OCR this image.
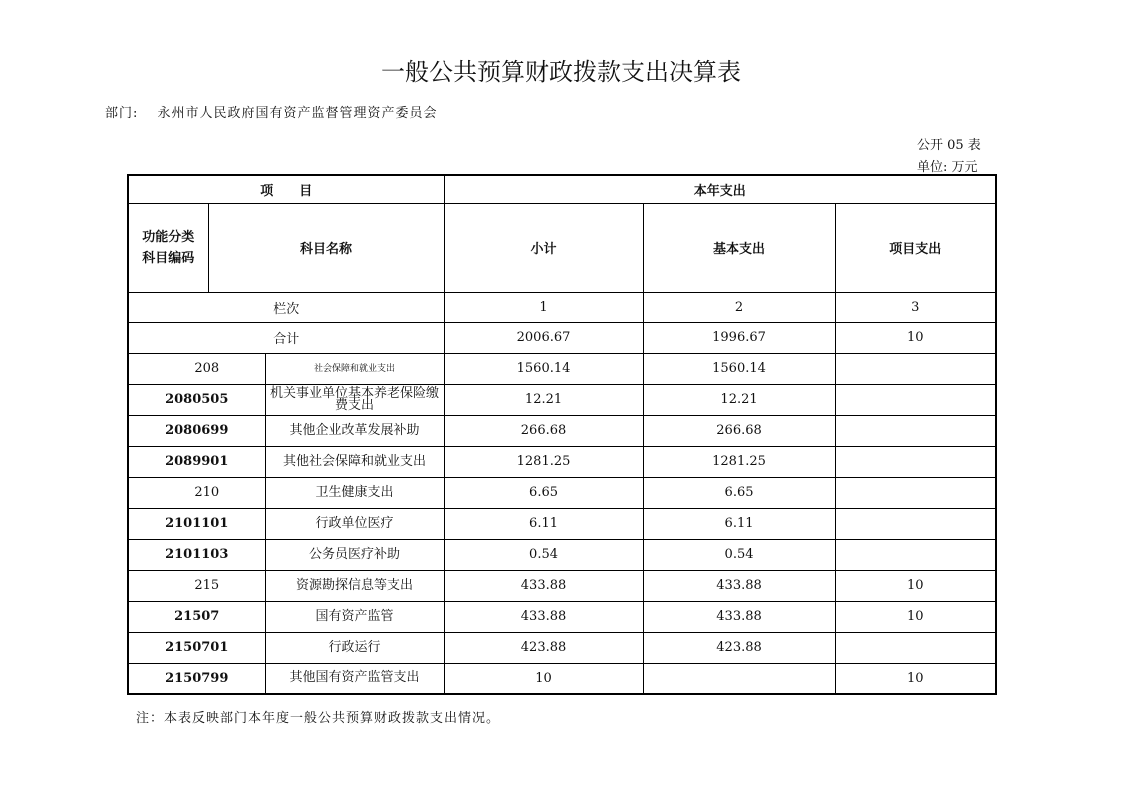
一般公共预算财政拨款支出决算表
部门: 永州市人民政府国有资产监督管理资产委员会
公开 05 表
单位: 万元
项　　目			本年支出		

功能分类
科目编码	科目名称		小计	基本支出	项目支出
栏次			1	2	3
合计			2006.67	1996.67	10
208		社会保障和就业支出	1560.14	1560.14	
2080505		机关事业单位基本养老保险缴费支出	12.21	12.21	
2080699		其他企业改革发展补助	266.68	266.68	
2089901		其他社会保障和就业支出	1281.25	1281.25	
210		卫生健康支出	6.65	6.65	
2101101		行政单位医疗	6.11	6.11	
2101103		公务员医疗补助	0.54	0.54	
215		资源勘探信息等支出	433.88	433.88	10
21507		国有资产监管	433.88	433.88	10
2150701		行政运行	423.88	423.88	
2150799		其他国有资产监管支出	10		10
注：本表反映部门本年度一般公共预算财政拨款支出情况。
